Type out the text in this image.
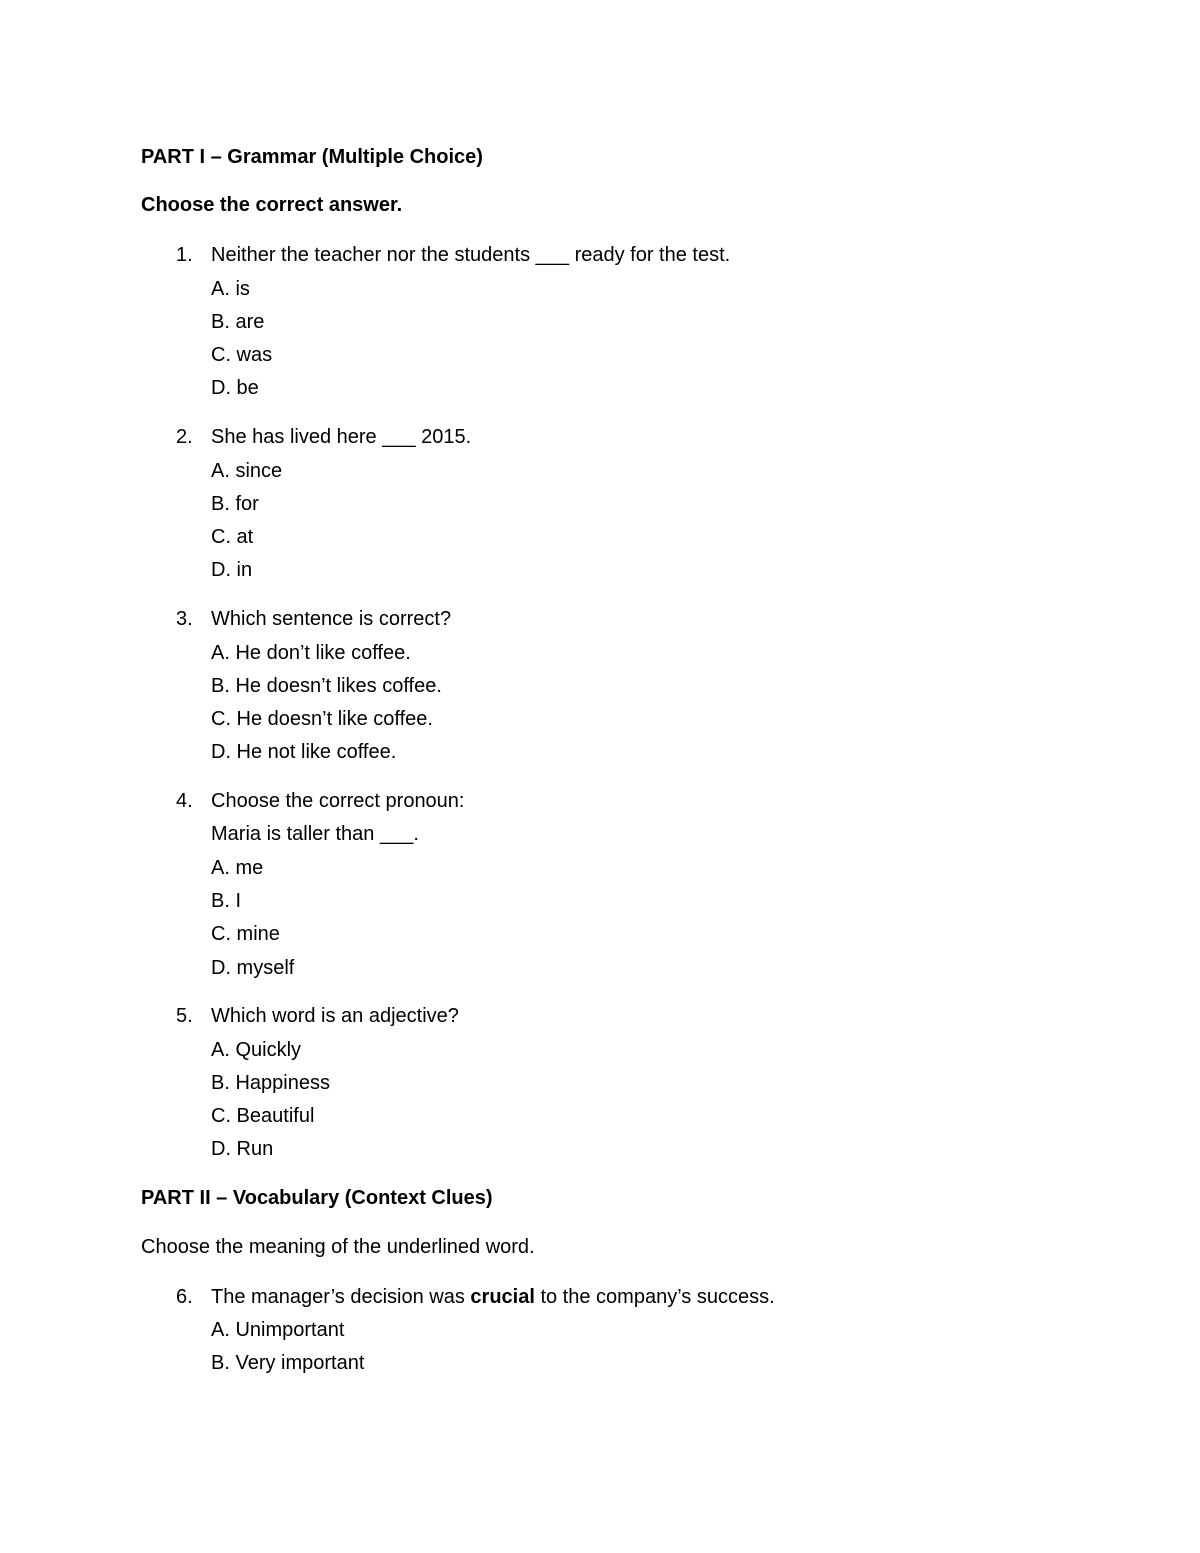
PART I – Grammar (Multiple Choice)
Choose the correct answer.
1. Neither the teacher nor the students ___ ready for the test.
A. is
B. are
C. was
D. be
2. She has lived here ___ 2015.
A. since
B. for
C. at
D. in
3. Which sentence is correct?
A. He don’t like coffee.
B. He doesn’t likes coffee.
C. He doesn’t like coffee.
D. He not like coffee.
4. Choose the correct pronoun:
Maria is taller than ___.
A. me
B. I
C. mine
D. myself
5. Which word is an adjective?
A. Quickly
B. Happiness
C. Beautiful
D. Run
PART II – Vocabulary (Context Clues)
Choose the meaning of the underlined word.
6. The manager’s decision was crucial to the company’s success.
A. Unimportant
B. Very important
